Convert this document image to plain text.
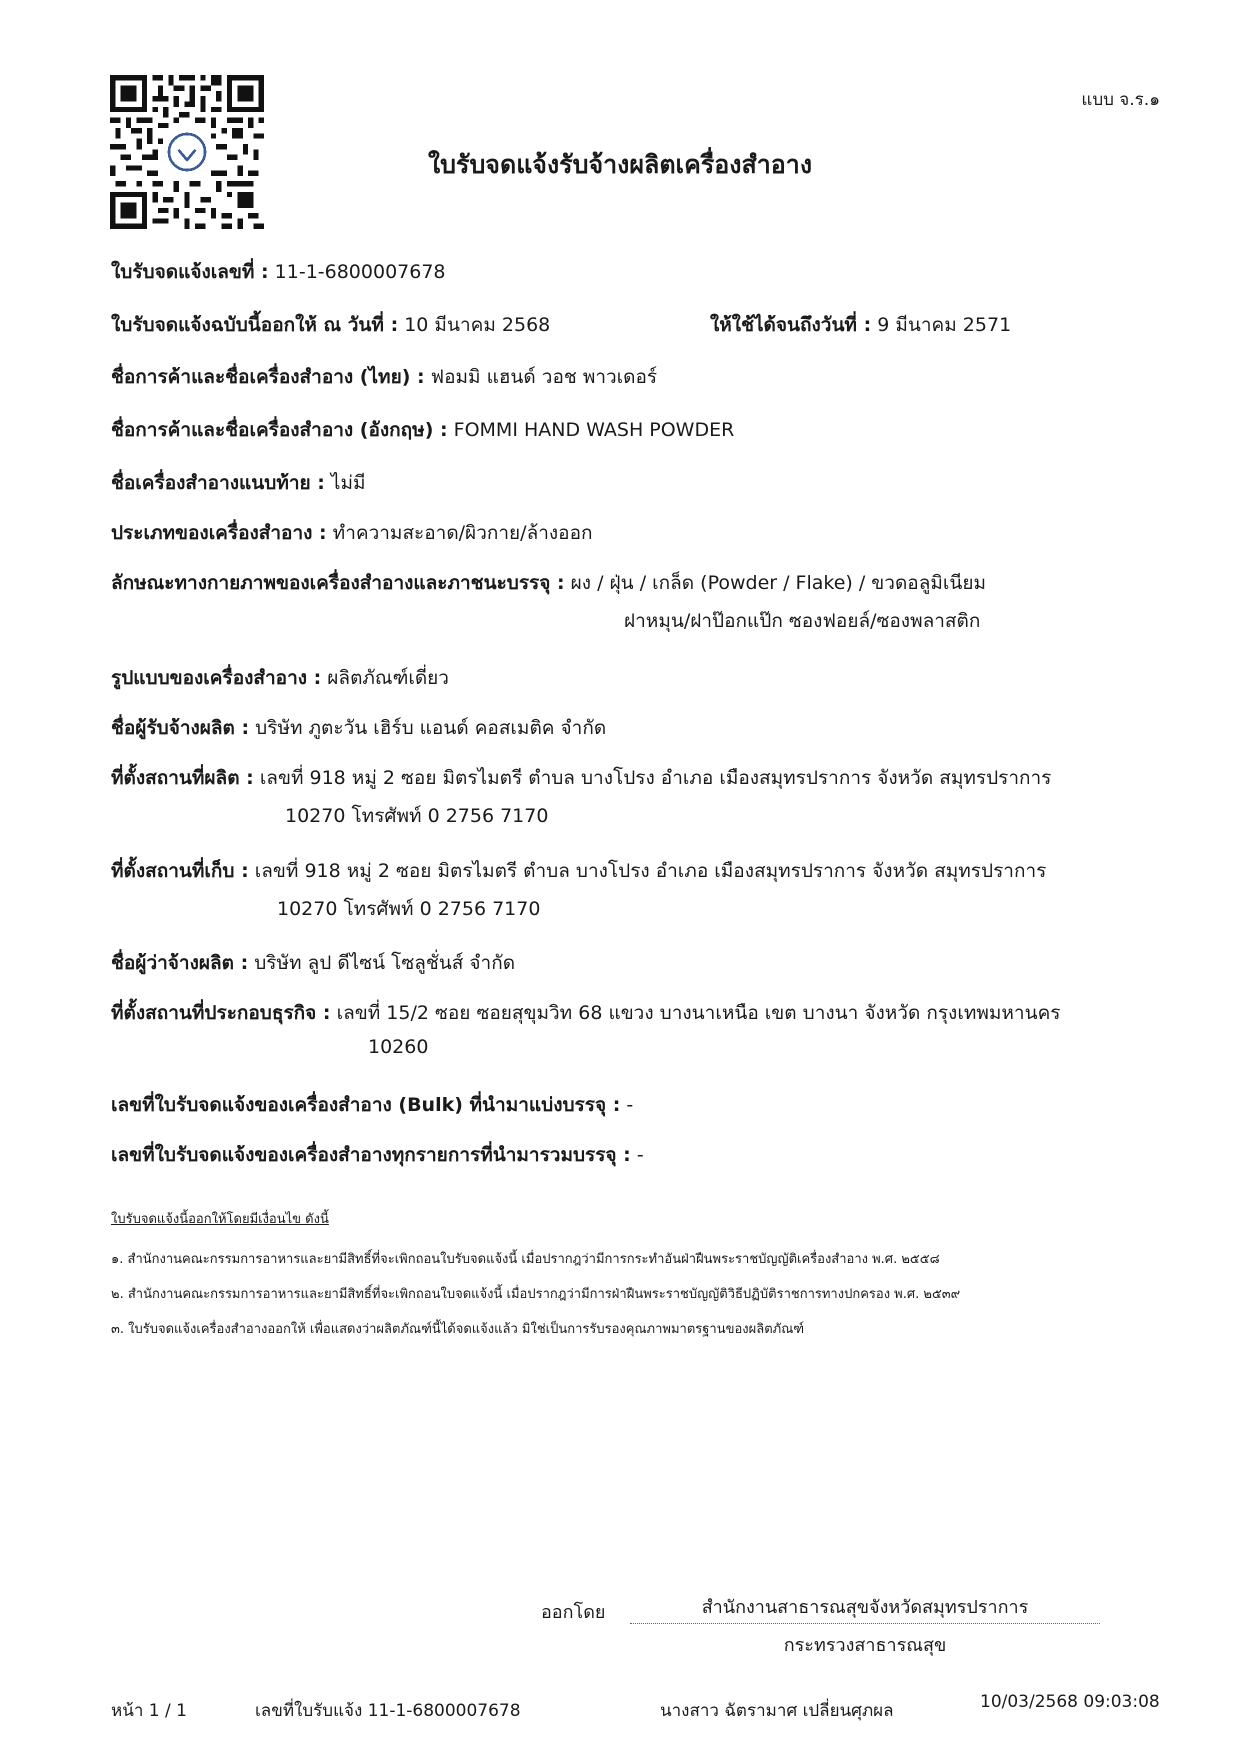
แบบ จ.ร.๑
ใบรับจดแจ้งรับจ้างผลิตเครื่องสำอาง
ใบรับจดแจ้งเลขที่ : 11-1-6800007678
ใบรับจดแจ้งฉบับนี้ออกให้ ณ วันที่ : 10 มีนาคม 2568	ให้ใช้ได้จนถึงวันที่ : 9 มีนาคม 2571
ชื่อการค้าและชื่อเครื่องสำอาง (ไทย) : ฟอมมิ แฮนด์ วอช พาวเดอร์
ชื่อการค้าและชื่อเครื่องสำอาง (อังกฤษ) : FOMMI HAND WASH POWDER
ชื่อเครื่องสำอางแนบท้าย : ไม่มี
ประเภทของเครื่องสำอาง : ทำความสะอาด/ผิวกาย/ล้างออก
ลักษณะทางกายภาพของเครื่องสำอางและภาชนะบรรจุ : ผง / ฝุ่น / เกล็ด (Powder / Flake) / ขวดอลูมิเนียม
ฝาหมุน/ฝาป๊อกแป๊ก ซองฟอยล์/ซองพลาสติก
รูปแบบของเครื่องสำอาง : ผลิตภัณฑ์เดี่ยว
ชื่อผู้รับจ้างผลิต : บริษัท ภูตะวัน เฮิร์บ แอนด์ คอสเมติค จำกัด
ที่ตั้งสถานที่ผลิต : เลขที่ 918 หมู่ 2 ซอย มิตรไมตรี ตำบล บางโปรง อำเภอ เมืองสมุทรปราการ จังหวัด สมุทรปราการ
10270 โทรศัพท์ 0 2756 7170
ที่ตั้งสถานที่เก็บ : เลขที่ 918 หมู่ 2 ซอย มิตรไมตรี ตำบล บางโปรง อำเภอ เมืองสมุทรปราการ จังหวัด สมุทรปราการ
10270 โทรศัพท์ 0 2756 7170
ชื่อผู้ว่าจ้างผลิต : บริษัท ลูป ดีไซน์ โซลูชั่นส์ จำกัด
ที่ตั้งสถานที่ประกอบธุรกิจ : เลขที่ 15/2 ซอย ซอยสุขุมวิท 68 แขวง บางนาเหนือ เขต บางนา จังหวัด กรุงเทพมหานคร
10260
เลขที่ใบรับจดแจ้งของเครื่องสำอาง (Bulk) ที่นำมาแบ่งบรรจุ : -
เลขที่ใบรับจดแจ้งของเครื่องสำอางทุกรายการที่นำมารวมบรรจุ : -
ใบรับจดแจ้งนี้ออกให้โดยมีเงื่อนไข ดังนี้
๑. สำนักงานคณะกรรมการอาหารและยามีสิทธิ์ที่จะเพิกถอนใบรับจดแจ้งนี้ เมื่อปรากฎว่ามีการกระทำอันฝ่าฝืนพระราชบัญญัติเครื่องสำอาง พ.ศ. ๒๕๕๘
๒. สำนักงานคณะกรรมการอาหารและยามีสิทธิ์ที่จะเพิกถอนใบจดแจ้งนี้ เมื่อปรากฎว่ามีการฝ่าฝืนพระราชบัญญัติวิธีปฏิบัติราชการทางปกครอง พ.ศ. ๒๕๓๙
๓. ใบรับจดแจ้งเครื่องสำอางออกให้ เพื่อแสดงว่าผลิตภัณฑ์นี้ได้จดแจ้งแล้ว มิใช่เป็นการรับรองคุณภาพมาตรฐานของผลิตภัณฑ์
ออกโดย	สำนักงานสาธารณสุขจังหวัดสมุทรปราการ
กระทรวงสาธารณสุข
หน้า 1 / 1	เลขที่ใบรับแจ้ง 11-1-6800007678	นางสาว ฉัตรามาศ เปลี่ยนศุภผล	10/03/2568 09:03:08
